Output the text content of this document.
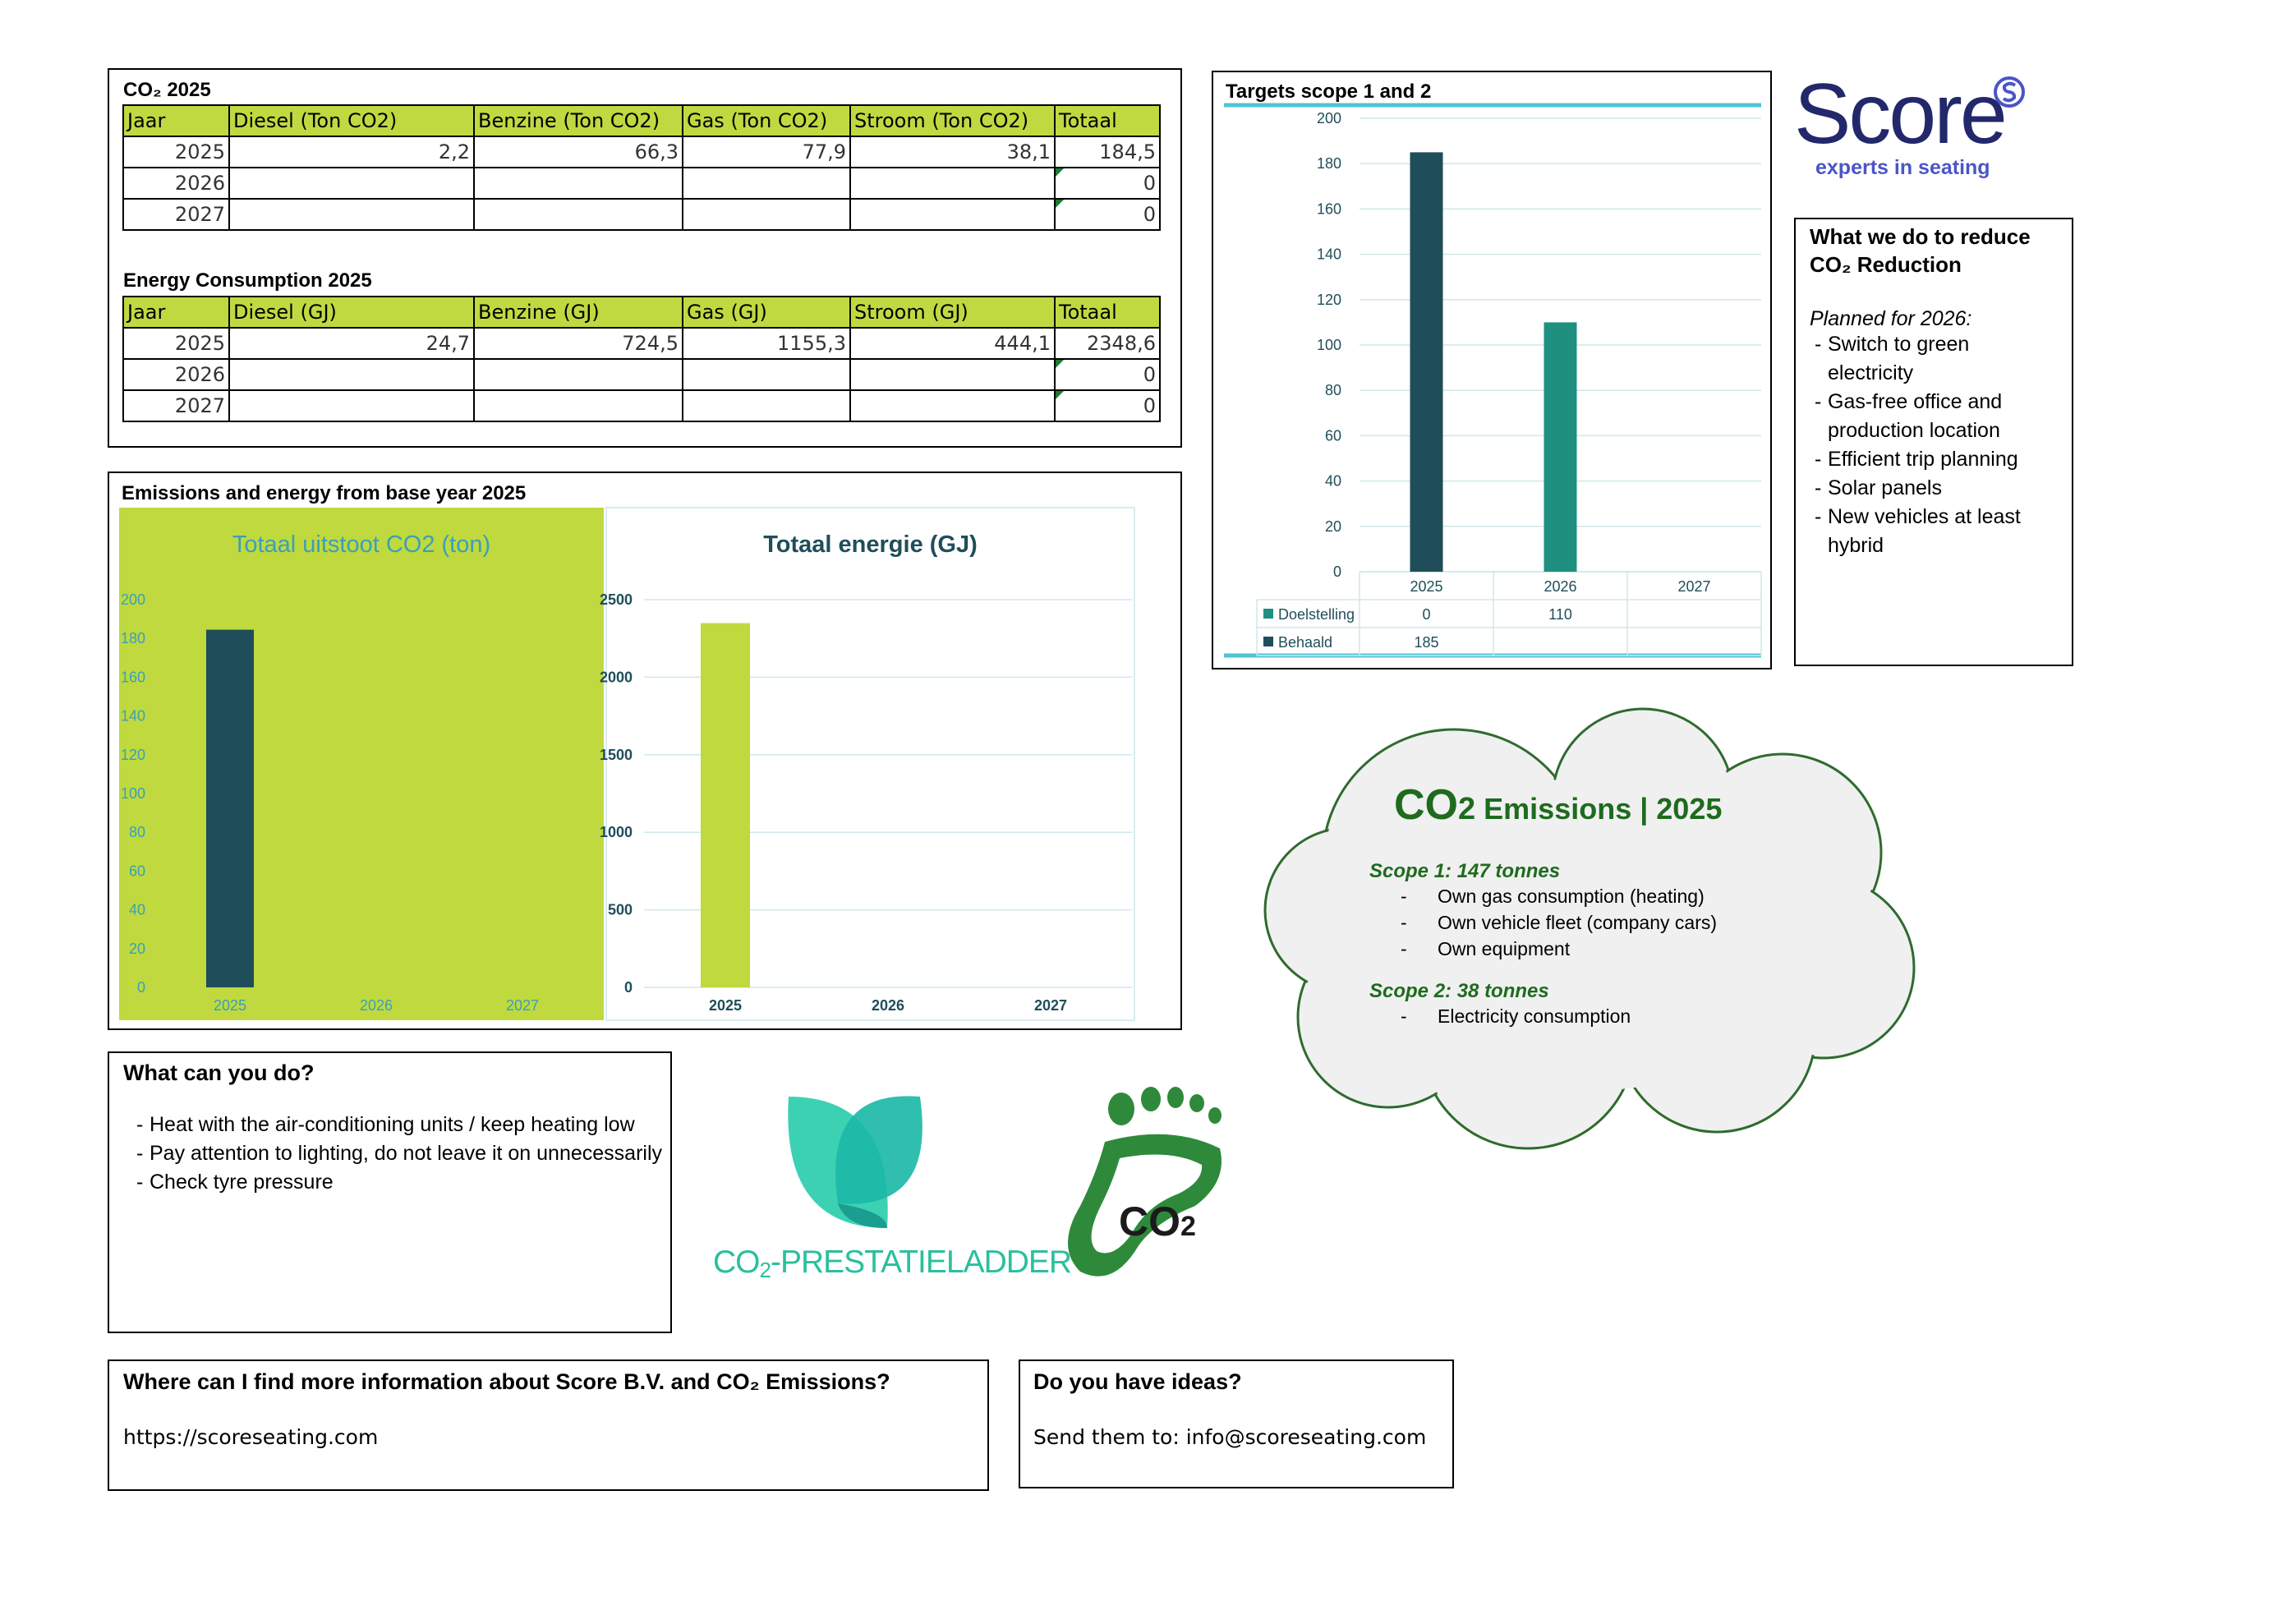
CO₂ 2025
Jaar	Diesel (Ton CO2)	Benzine (Ton CO2)	Gas (Ton CO2)	Stroom (Ton CO2)	Totaal
2025	2,2	66,3	77,9	38,1	184,5
2026					0
2027					0
Energy Consumption 2025
Jaar	Diesel (GJ)	Benzine (GJ)	Gas (GJ)	Stroom (GJ)	Totaal
2025	24,7	724,5	1155,3	444,1	2348,6
2026					0
2027					0
Emissions and energy from base year 2025
Totaal uitstoot CO2 (ton)
0
20
40
60
80
100
120
140
160
180
200
2025	2026	2027
Totaal energie (GJ)
0
500
1000
1500
2000
2500
2025	2026	2027
Targets scope 1 and 2
0
20
40
60
80
100
120
140
160
180
200
2025
0
185
2026
110
2027
Doelstelling
Behaald
Score
experts in seating
What we do to reduce
CO₂ Reduction
Planned for 2026:
- Switch to green electricity
- Gas-free office and production location
- Efficient trip planning
- Solar panels
- New vehicles at least hybrid
CO2 Emissions | 2025
Scope 1: 147 tonnes
- Own gas consumption (heating)
- Own vehicle fleet (company cars)
- Own equipment
Scope 2: 38 tonnes
- Electricity consumption
What can you do?
- Heat with the air-conditioning units / keep heating low
- Pay attention to lighting, do not leave it on unnecessarily
- Check tyre pressure
CO2-PRESTATIELADDER
CO2
Where can I find more information about Score B.V. and CO₂ Emissions?
https://scoreseating.com
Do you have ideas?
Send them to: info@scoreseating.com
